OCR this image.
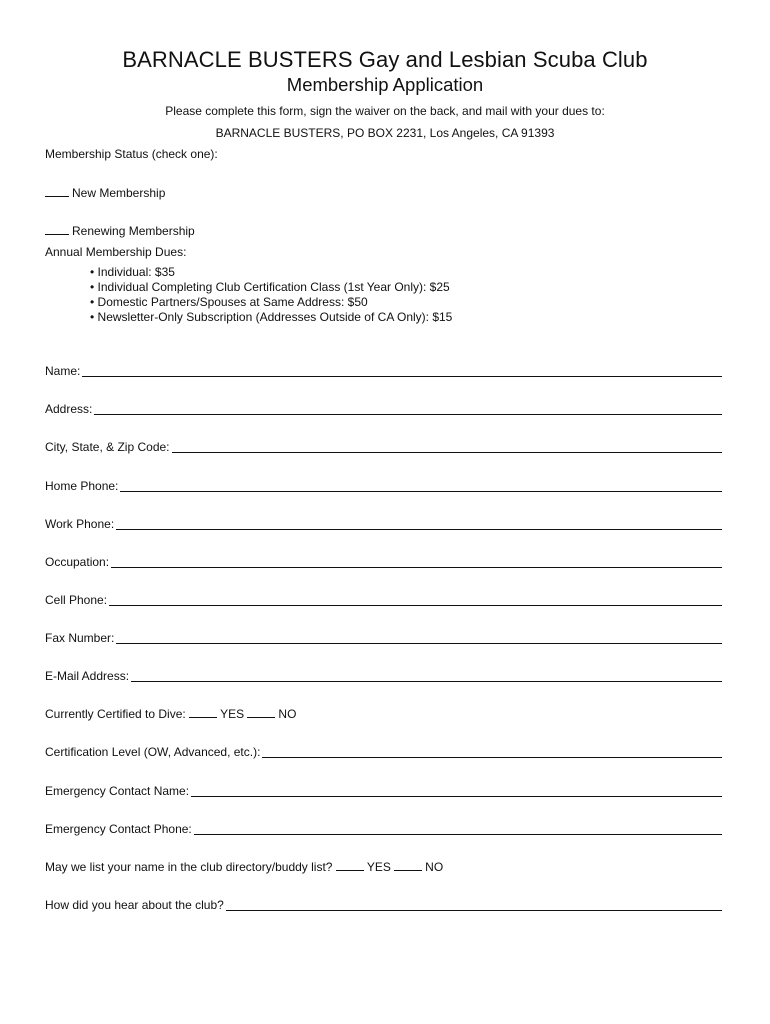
BARNACLE BUSTERS Gay and Lesbian Scuba Club
Membership Application
Please complete this form, sign the waiver on the back, and mail with your dues to:
BARNACLE BUSTERS, PO BOX 2231, Los Angeles, CA 91393
Membership Status (check one):
New Membership
Renewing Membership
Annual Membership Dues:
• Individual: $35
• Individual Completing Club Certification Class (1st Year Only): $25
• Domestic Partners/Spouses at Same Address: $50
• Newsletter-Only Subscription (Addresses Outside of CA Only): $15
Name:
Address:
City, State, & Zip Code:
Home Phone:
Work Phone:
Occupation:
Cell Phone:
Fax Number:
E-Mail Address:
Currently Certified to Dive:	YES	NO
Certification Level (OW, Advanced, etc.):
Emergency Contact Name:
Emergency Contact Phone:
May we list your name in the club directory/buddy list?	YES	NO
How did you hear about the club?
